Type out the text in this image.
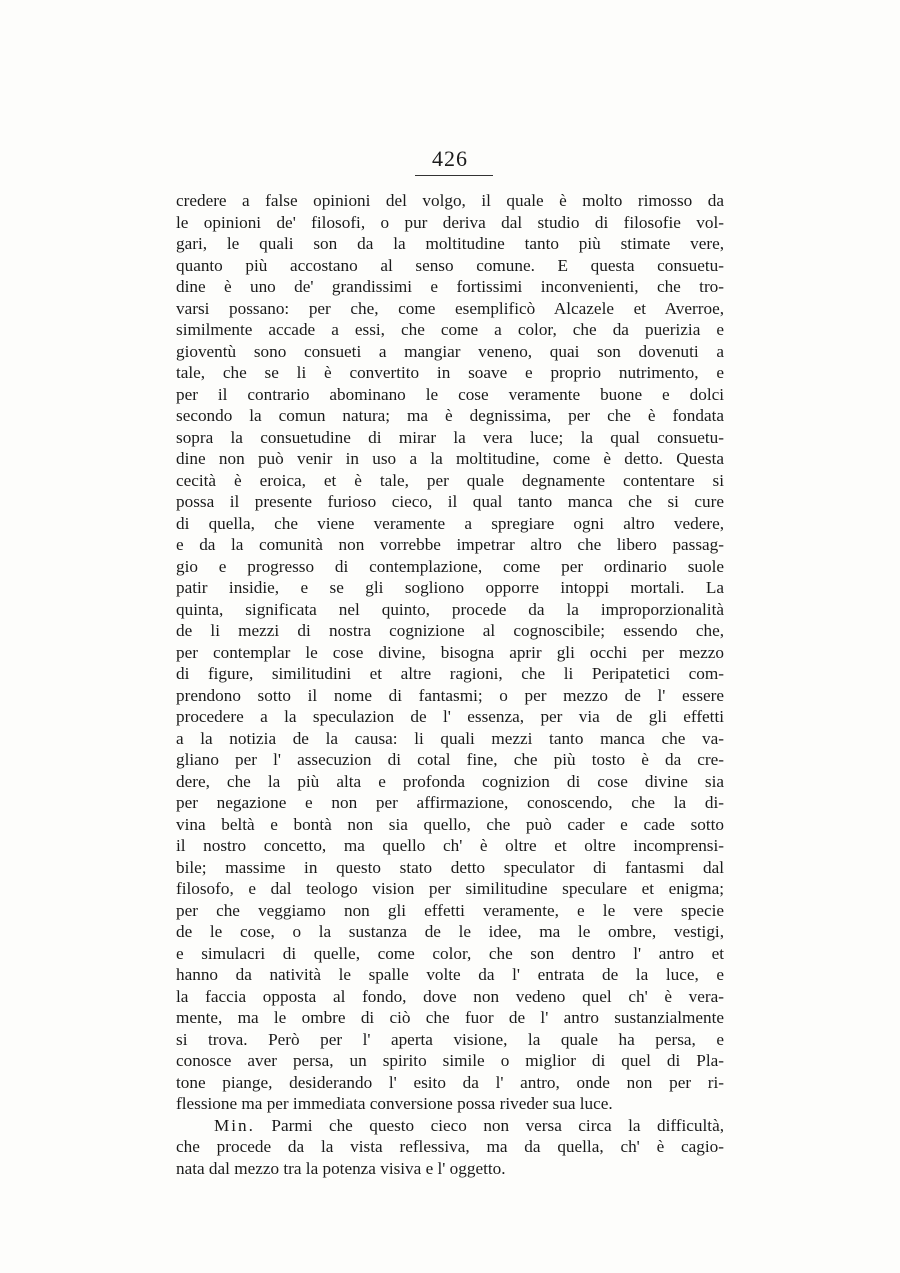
426
credere a false opinioni del volgo, il quale è molto rimosso da
le opinioni de' filosofi, o pur deriva dal studio di filosofie vol-
gari, le quali son da la moltitudine tanto più stimate vere,
quanto più accostano al senso comune. E questa consuetu-
dine è uno de' grandissimi e fortissimi inconvenienti, che tro-
varsi possano: per che, come esemplificò Alcazele et Averroe,
similmente accade a essi, che come a color, che da puerizia e
gioventù sono consueti a mangiar veneno, quai son dovenuti a
tale, che se li è convertito in soave e proprio nutrimento, e
per il contrario abominano le cose veramente buone e dolci
secondo la comun natura; ma è degnissima, per che è fondata
sopra la consuetudine di mirar la vera luce; la qual consuetu-
dine non può venir in uso a la moltitudine, come è detto. Questa
cecità è eroica, et è tale, per quale degnamente contentare si
possa il presente furioso cieco, il qual tanto manca che si cure
di quella, che viene veramente a spregiare ogni altro vedere,
e da la comunità non vorrebbe impetrar altro che libero passag-
gio e progresso di contemplazione, come per ordinario suole
patir insidie, e se gli sogliono opporre intoppi mortali. La
quinta, significata nel quinto, procede da la improporzionalità
de li mezzi di nostra cognizione al cognoscibile; essendo che,
per contemplar le cose divine, bisogna aprir gli occhi per mezzo
di figure, similitudini et altre ragioni, che li Peripatetici com-
prendono sotto il nome di fantasmi; o per mezzo de l' essere
procedere a la speculazion de l' essenza, per via de gli effetti
a la notizia de la causa: li quali mezzi tanto manca che va-
gliano per l' assecuzion di cotal fine, che più tosto è da cre-
dere, che la più alta e profonda cognizion di cose divine sia
per negazione e non per affirmazione, conoscendo, che la di-
vina beltà e bontà non sia quello, che può cader e cade sotto
il nostro concetto, ma quello ch' è oltre et oltre incomprensi-
bile; massime in questo stato detto speculator di fantasmi dal
filosofo, e dal teologo vision per similitudine speculare et enigma;
per che veggiamo non gli effetti veramente, e le vere specie
de le cose, o la sustanza de le idee, ma le ombre, vestigi,
e simulacri di quelle, come color, che son dentro l' antro et
hanno da natività le spalle volte da l' entrata de la luce, e
la faccia opposta al fondo, dove non vedeno quel ch' è vera-
mente, ma le ombre di ciò che fuor de l' antro sustanzialmente
si trova. Però per l' aperta visione, la quale ha persa, e
conosce aver persa, un spirito simile o miglior di quel di Pla-
tone piange, desiderando l' esito da l' antro, onde non per ri-
flessione ma per immediata conversione possa riveder sua luce.
Min. Parmi che questo cieco non versa circa la difficultà,
che procede da la vista reflessiva, ma da quella, ch' è cagio-
nata dal mezzo tra la potenza visiva e l' oggetto.
